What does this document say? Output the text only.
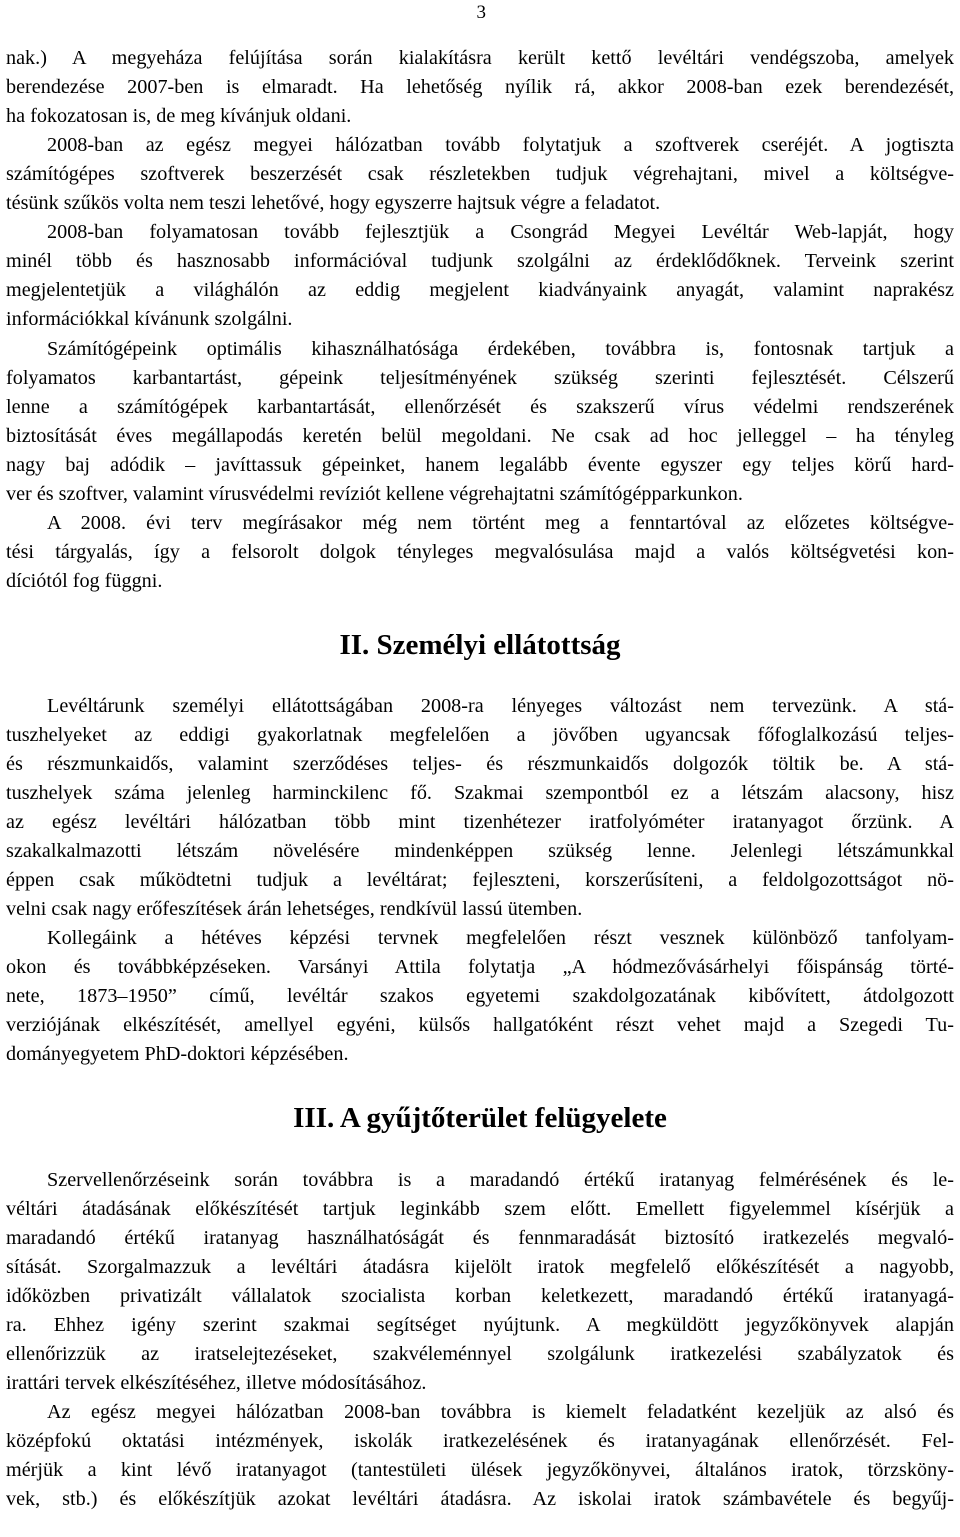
3
nak.) A megyeháza felújítása során kialakításra került kettő levéltári vendégszoba, amelyek
berendezése 2007-ben is elmaradt. Ha lehetőség nyílik rá, akkor 2008-ban ezek berendezését,
ha fokozatosan is, de meg kívánjuk oldani.
2008-ban az egész megyei hálózatban tovább folytatjuk a szoftverek cseréjét. A jogtiszta
számítógépes szoftverek beszerzését csak részletekben tudjuk végrehajtani, mivel a költségve-
tésünk szűkös volta nem teszi lehetővé, hogy egyszerre hajtsuk végre a feladatot.
2008-ban folyamatosan tovább fejlesztjük a Csongrád Megyei Levéltár Web-lapját, hogy
minél több és hasznosabb információval tudjunk szolgálni az érdeklődőknek. Terveink szerint
megjelentetjük a világhálón az eddig megjelent kiadványaink anyagát, valamint naprakész
információkkal kívánunk szolgálni.
Számítógépeink optimális kihasználhatósága érdekében, továbbra is, fontosnak tartjuk a
folyamatos karbantartást, gépeink teljesítményének szükség szerinti fejlesztését. Célszerű
lenne a számítógépek karbantartását, ellenőrzését és szakszerű vírus védelmi rendszerének
biztosítását éves megállapodás keretén belül megoldani. Ne csak ad hoc jelleggel – ha tényleg
nagy baj adódik – javíttassuk gépeinket, hanem legalább évente egyszer egy teljes körű hard-
ver és szoftver, valamint vírusvédelmi revíziót kellene végrehajtatni számítógépparkunkon.
A 2008. évi terv megírásakor még nem történt meg a fenntartóval az előzetes költségve-
tési tárgyalás, így a felsorolt dolgok tényleges megvalósulása majd a valós költségvetési kon-
díciótól fog függni.
II. Személyi ellátottság
Levéltárunk személyi ellátottságában 2008-ra lényeges változást nem tervezünk. A stá-
tuszhelyeket az eddigi gyakorlatnak megfelelően a jövőben ugyancsak főfoglalkozású teljes-
és részmunkaidős, valamint szerződéses teljes- és részmunkaidős dolgozók töltik be. A stá-
tuszhelyek száma jelenleg harminckilenc fő. Szakmai szempontból ez a létszám alacsony, hisz
az egész levéltári hálózatban több mint tizenhétezer iratfolyóméter iratanyagot őrzünk. A
szakalkalmazotti létszám növelésére mindenképpen szükség lenne. Jelenlegi létszámunkkal
éppen csak működtetni tudjuk a levéltárat; fejleszteni, korszerűsíteni, a feldolgozottságot nö-
velni csak nagy erőfeszítések árán lehetséges, rendkívül lassú ütemben.
Kollegáink a hétéves képzési tervnek megfelelően részt vesznek különböző tanfolyam-
okon és továbbképzéseken. Varsányi Attila folytatja „A hódmezővásárhelyi főispánság törté-
nete, 1873–1950” című, levéltár szakos egyetemi szakdolgozatának kibővített, átdolgozott
verziójának elkészítését, amellyel egyéni, külsős hallgatóként részt vehet majd a Szegedi Tu-
dományegyetem PhD-doktori képzésében.
III. A gyűjtőterület felügyelete
Szervellenőrzéseink során továbbra is a maradandó értékű iratanyag felmérésének és le-
véltári átadásának előkészítését tartjuk leginkább szem előtt. Emellett figyelemmel kísérjük a
maradandó értékű iratanyag használhatóságát és fennmaradását biztosító iratkezelés megvaló-
sítását. Szorgalmazzuk a levéltári átadásra kijelölt iratok megfelelő előkészítését a nagyobb,
időközben privatizált vállalatok szocialista korban keletkezett, maradandó értékű iratanyagá-
ra. Ehhez igény szerint szakmai segítséget nyújtunk. A megküldött jegyzőkönyvek alapján
ellenőrizzük az iratselejtezéseket, szakvéleménnyel szolgálunk iratkezelési szabályzatok és
irattári tervek elkészítéséhez, illetve módosításához.
Az egész megyei hálózatban 2008-ban továbbra is kiemelt feladatként kezeljük az alsó és
középfokú oktatási intézmények, iskolák iratkezelésének és iratanyagának ellenőrzését. Fel-
mérjük a kint lévő iratanyagot (tantestületi ülések jegyzőkönyvei, általános iratok, törzsköny-
vek, stb.) és előkészítjük azokat levéltári átadásra. Az iskolai iratok számbavétele és begyűj-
